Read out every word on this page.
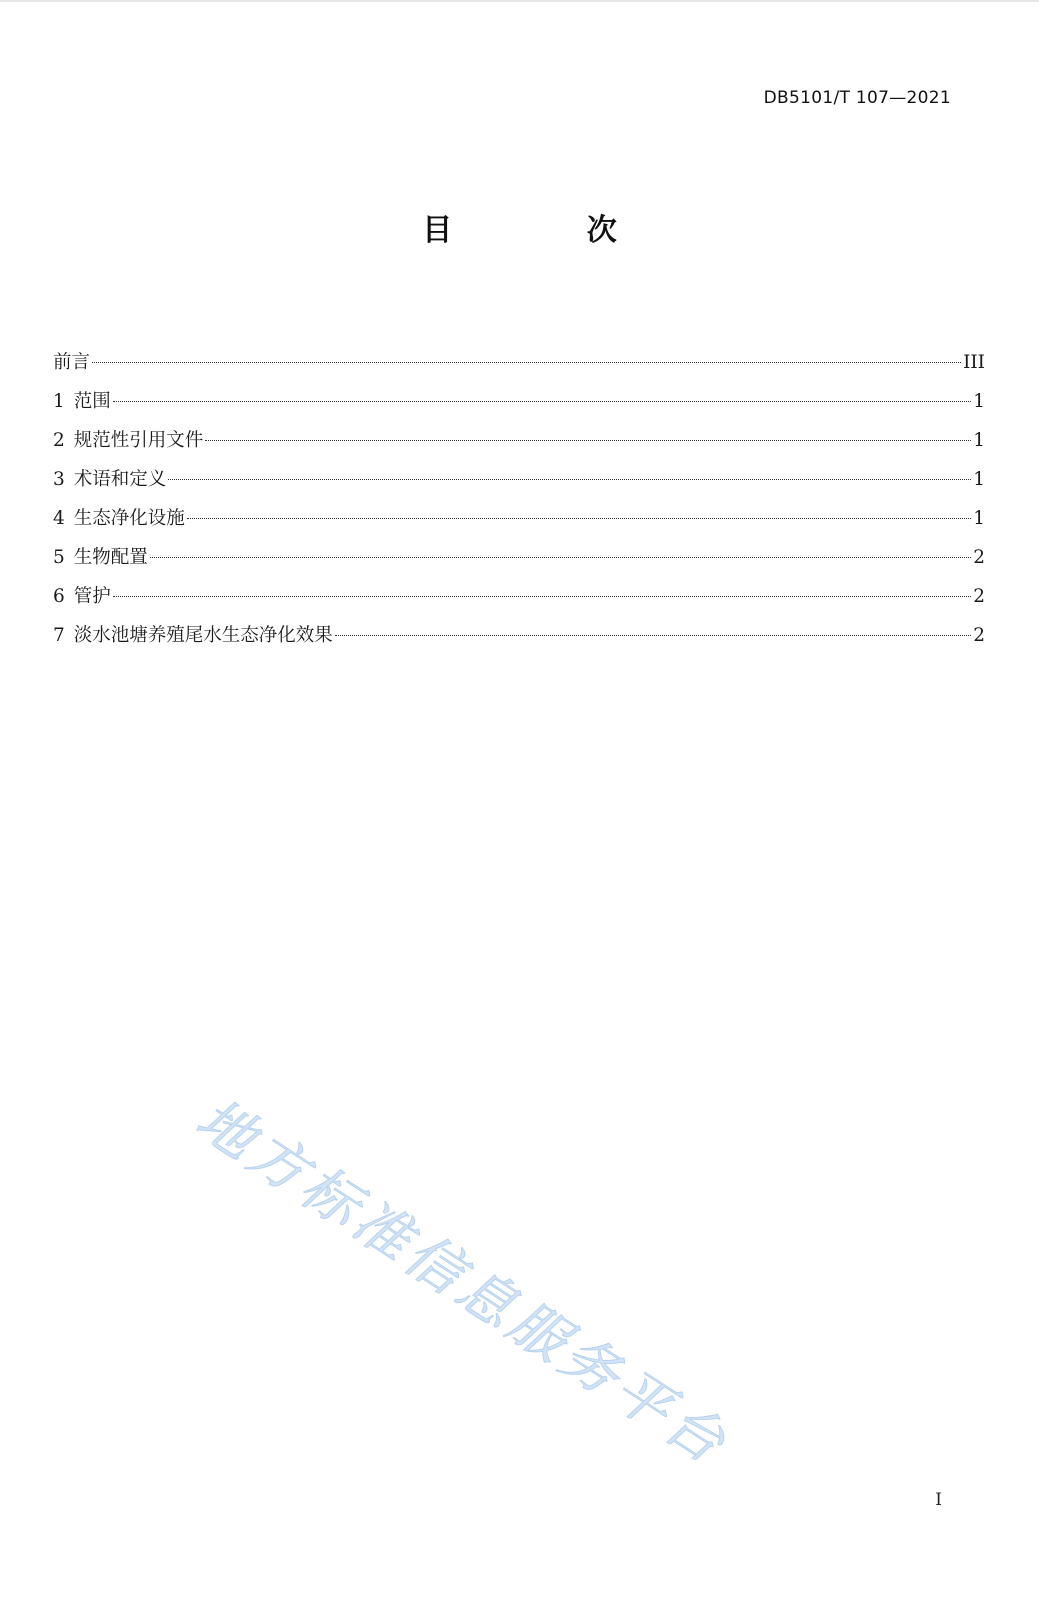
DB5101/T 107—2021
目 次
前言	III
1 范围	1
2 规范性引用文件	1
3 术语和定义	1
4 生态净化设施	1
5 生物配置	2
6 管护	2
7 淡水池塘养殖尾水生态净化效果	2
地方标准信息服务平台
I
